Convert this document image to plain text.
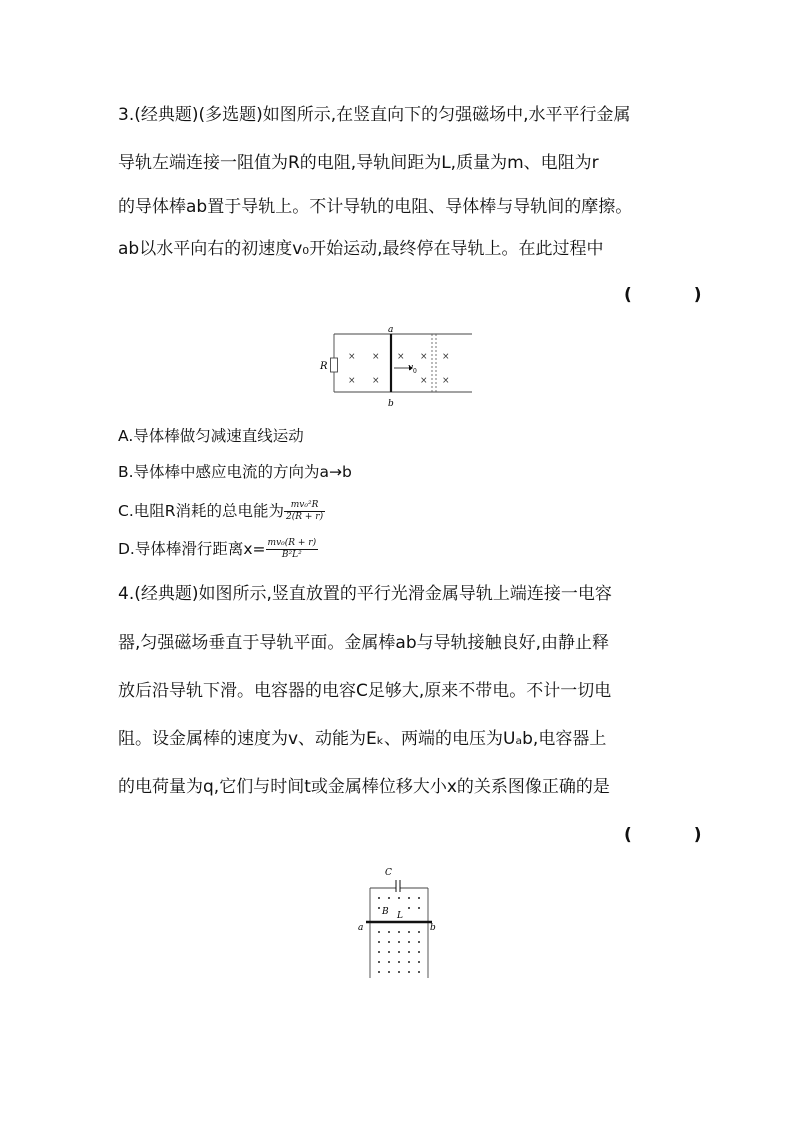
3.(经典题)(多选题)如图所示,在竖直向下的匀强磁场中,水平平行金属
导轨左端连接一阻值为R的电阻,导轨间距为L,质量为m、电阻为r
的导体棒ab置于导轨上。不计导轨的电阻、导体棒与导轨间的摩擦。
ab以水平向右的初速度v₀开始运动,最终停在导轨上。在此过程中
( )
R
a
b
× × × × ×
× ×	× ×
v 0
A.导体棒做匀减速直线运动
B.导体棒中感应电流的方向为a→b
C.电阻R消耗的总电能为 $\frac{\text{mv₀²R}}{2(R + r)}$
D.导体棒滑行距离$x= \frac{\text{mv₀(R + r)}}{\text{B²L²}}$
4.(经典题)如图所示,竖直放置的平行光滑金属导轨上端连接一电容
器,匀强磁场垂直于导轨平面。金属棒ab与导轨接触良好,由静止释
放后沿导轨下滑。电容器的电容C足够大,原来不带电。不计一切电
阻。设金属棒的速度为v、动能为Eₖ、两端的电压为Uₐb,电容器上
的电荷量为q,它们与时间t或金属棒位移大小x的关系图像正确的是
( )
C
a	b
B L
